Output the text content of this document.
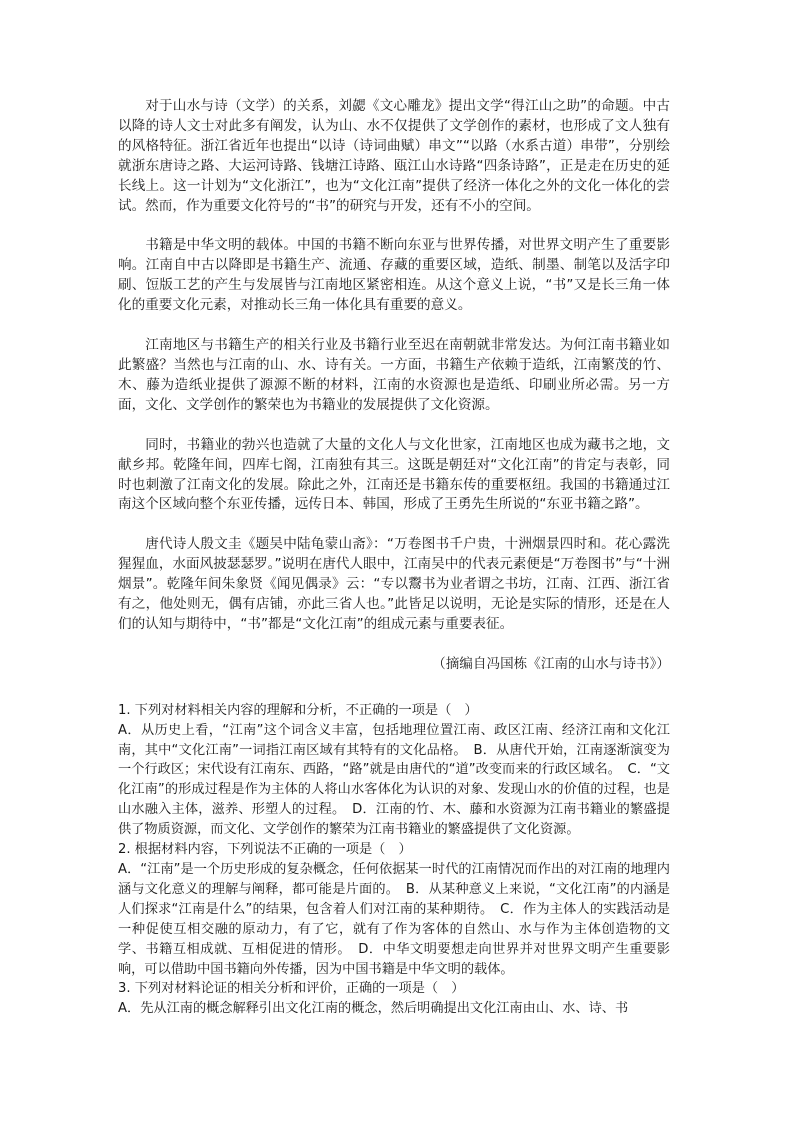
对于山水与诗（文学）的关系，刘勰《文心雕龙》提出文学“得江山之助”的命题。中古以降的诗人文士对此多有阐发，认为山、水不仅提供了文学创作的素材，也形成了文人独有的风格特征。浙江省近年也提出“以诗（诗词曲赋）串文”“以路（水系古道）串带”，分别绘就浙东唐诗之路、大运河诗路、钱塘江诗路、瓯江山水诗路“四条诗路”，正是走在历史的延长线上。这一计划为“文化浙江”，也为“文化江南”提供了经济一体化之外的文化一体化的尝试。然而，作为重要文化符号的“书”的研究与开发，还有不小的空间。

书籍是中华文明的载体。中国的书籍不断向东亚与世界传播，对世界文明产生了重要影响。江南自中古以降即是书籍生产、流通、存藏的重要区域，造纸、制墨、制笔以及活字印刷、饾版工艺的产生与发展皆与江南地区紧密相连。从这个意义上说，“书”又是长三角一体化的重要文化元素，对推动长三角一体化具有重要的意义。

江南地区与书籍生产的相关行业及书籍行业至迟在南朝就非常发达。为何江南书籍业如此繁盛？当然也与江南的山、水、诗有关。一方面，书籍生产依赖于造纸，江南繁茂的竹、木、藤为造纸业提供了源源不断的材料，江南的水资源也是造纸、印刷业所必需。另一方面，文化、文学创作的繁荣也为书籍业的发展提供了文化资源。

同时，书籍业的勃兴也造就了大量的文化人与文化世家，江南地区也成为藏书之地，文献乡邦。乾隆年间，四库七阁，江南独有其三。这既是朝廷对“文化江南”的肯定与表彰，同时也刺激了江南文化的发展。除此之外，江南还是书籍东传的重要枢纽。我国的书籍通过江南这个区域向整个东亚传播，远传日本、韩国，形成了王勇先生所说的“东亚书籍之路”。

唐代诗人殷文圭《题吴中陆龟蒙山斋》：“万卷图书千户贵，十洲烟景四时和。花心露洗猩猩血，水面风披瑟瑟罗。”说明在唐代人眼中，江南吴中的代表元素便是“万卷图书”与“十洲烟景”。乾隆年间朱象贤《闻见偶录》云：“专以鬻书为业者谓之书坊，江南、江西、浙江省有之，他处则无，偶有店铺，亦此三省人也。”此皆足以说明，无论是实际的情形，还是在人们的认知与期待中，“书”都是“文化江南”的组成元素与重要表征。

（摘编自冯国栋《江南的山水与诗书》）

1. 下列对材料相关内容的理解和分析，不正确的一项是（　）

A．从历史上看，“江南”这个词含义丰富，包括地理位置江南、政区江南、经济江南和文化江南，其中“文化江南”一词指江南区域有其特有的文化品格。　B．从唐代开始，江南逐渐演变为一个行政区；宋代设有江南东、西路，“路”就是由唐代的“道”改变而来的行政区域名。　C．“文化江南”的形成过程是作为主体的人将山水客体化为认识的对象、发现山水的价值的过程，也是山水融入主体，滋养、形塑人的过程。　D．江南的竹、木、藤和水资源为江南书籍业的繁盛提供了物质资源，而文化、文学创作的繁荣为江南书籍业的繁盛提供了文化资源。

2. 根据材料内容，下列说法不正确的一项是（　）

A．“江南”是一个历史形成的复杂概念，任何依据某一时代的江南情况而作出的对江南的地理内涵与文化意义的理解与阐释，都可能是片面的。　B．从某种意义上来说，“文化江南”的内涵是人们探求“江南是什么”的结果，包含着人们对江南的某种期待。　C．作为主体人的实践活动是一种促使互相交融的原动力，有了它，就有了作为客体的自然山、水与作为主体创造物的文学、书籍互相成就、互相促进的情形。　D．中华文明要想走向世界并对世界文明产生重要影响，可以借助中国书籍向外传播，因为中国书籍是中华文明的载体。

3. 下列对材料论证的相关分析和评价，正确的一项是（　）

A．先从江南的概念解释引出文化江南的概念，然后明确提出文化江南由山、水、诗、书
